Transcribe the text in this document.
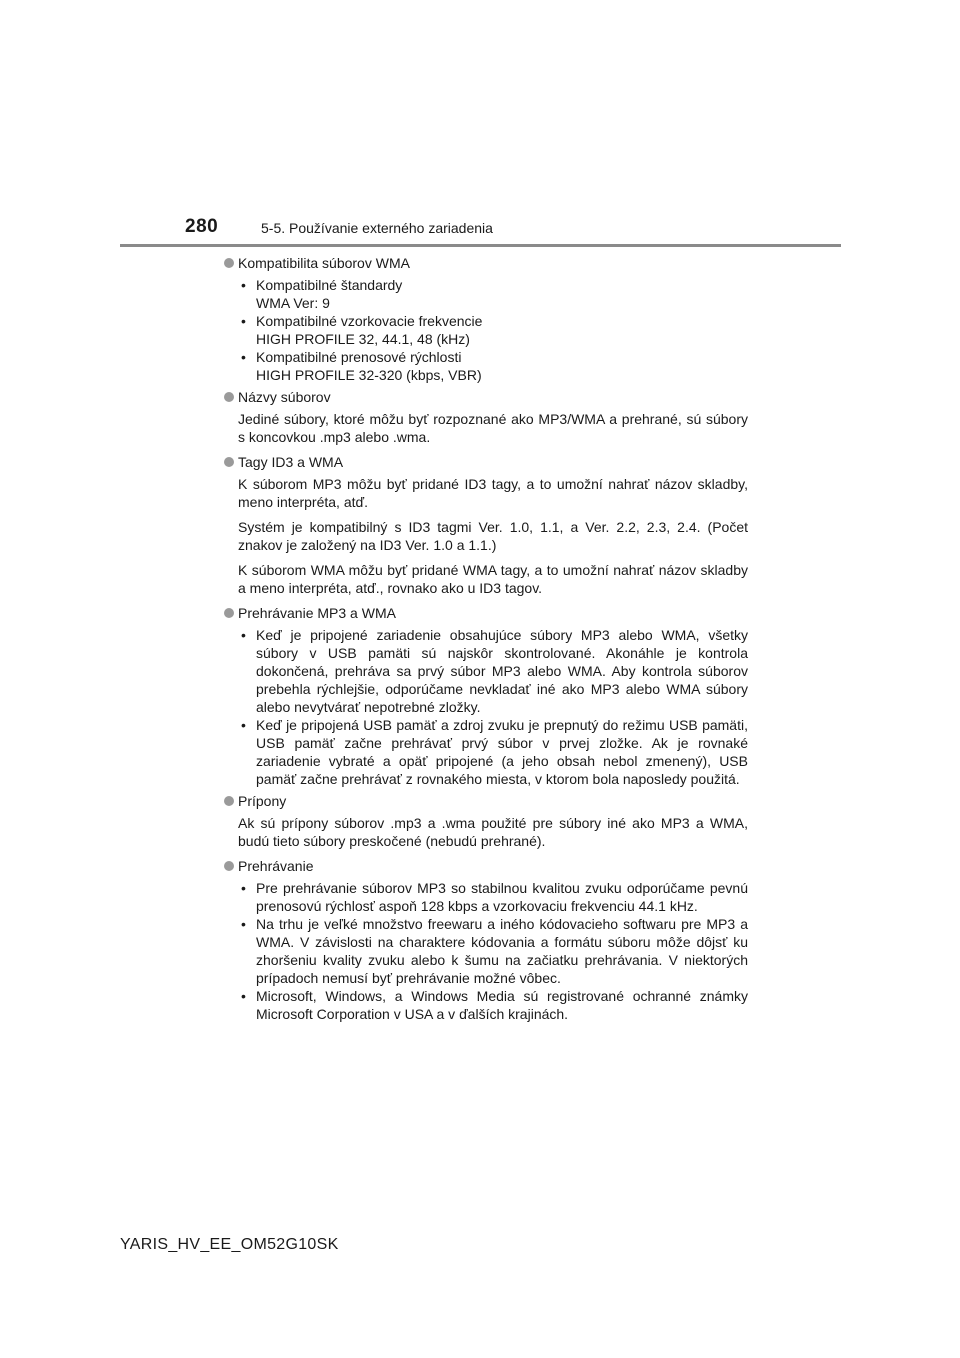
280	5-5. Používanie externého zariadenia
Kompatibilita súborov WMA
• Kompatibilné štandardy
WMA Ver: 9
• Kompatibilné vzorkovacie frekvencie
HIGH PROFILE 32, 44.1, 48 (kHz)
• Kompatibilné prenosové rýchlosti
HIGH PROFILE 32-320 (kbps, VBR)
Názvy súborov
Jediné súbory, ktoré môžu byť rozpoznané ako MP3/WMA a prehrané, sú súbory s koncovkou .mp3 alebo .wma.
Tagy ID3 a WMA
K súborom MP3 môžu byť pridané ID3 tagy, a to umožní nahrať názov skladby, meno interpréta, atď.
Systém je kompatibilný s ID3 tagmi Ver. 1.0, 1.1, a Ver. 2.2, 2.3, 2.4. (Počet znakov je založený na ID3 Ver. 1.0 a 1.1.)
K súborom WMA môžu byť pridané WMA tagy, a to umožní nahrať názov skladby a meno interpréta, atď., rovnako ako u ID3 tagov.
Prehrávanie MP3 a WMA
• Keď je pripojené zariadenie obsahujúce súbory MP3 alebo WMA, všetky súbory v USB pamäti sú najskôr skontrolované. Akonáhle je kontrola dokončená, prehráva sa prvý súbor MP3 alebo WMA. Aby kontrola súborov prebehla rýchlejšie, odporúčame nevkladať iné ako MP3 alebo WMA súbory alebo nevytvárať nepotrebné zložky.
• Keď je pripojená USB pamäť a zdroj zvuku je prepnutý do režimu USB pamäti, USB pamäť začne prehrávať prvý súbor v prvej zložke. Ak je rovnaké zariadenie vybraté a opäť pripojené (a jeho obsah nebol zmenený), USB pamäť začne prehrávať z rovnakého miesta, v ktorom bola naposledy použitá.
Prípony
Ak sú prípony súborov .mp3 a .wma použité pre súbory iné ako MP3 a WMA, budú tieto súbory preskočené (nebudú prehrané).
Prehrávanie
• Pre prehrávanie súborov MP3 so stabilnou kvalitou zvuku odporúčame pevnú prenosovú rýchlosť aspoň 128 kbps a vzorkovaciu frekvenciu 44.1 kHz.
• Na trhu je veľké množstvo freewaru a iného kódovacieho softwaru pre MP3 a WMA. V závislosti na charaktere kódovania a formátu súboru môže dôjsť ku zhoršeniu kvality zvuku alebo k šumu na začiatku prehrávania. V niektorých prípadoch nemusí byť prehrávanie možné vôbec.
• Microsoft, Windows, a Windows Media sú registrované ochranné známky Microsoft Corporation v USA a v ďalších krajinách.
YARIS_HV_EE_OM52G10SK
